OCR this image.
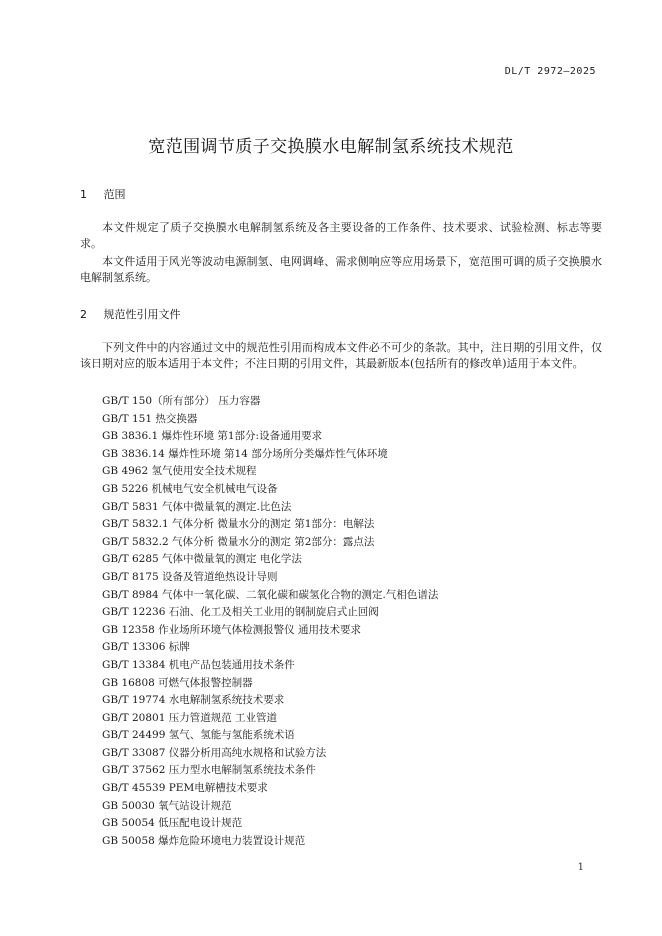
DL/T 2972—2025
宽范围调节质子交换膜水电解制氢系统技术规范
1 范围

本文件规定了质子交换膜水电解制氢系统及各主要设备的工作条件、技术要求、试验检测、标志等要求。

本文件适用于风光等波动电源制氢、电网调峰、需求侧响应等应用场景下，宽范围可调的质子交换膜水电解制氢系统。

2 规范性引用文件

下列文件中的内容通过文中的规范性引用而构成本文件必不可少的条款。其中，注日期的引用文件，仅该日期对应的版本适用于本文件；不注日期的引用文件，其最新版本(包括所有的修改单)适用于本文件。

GB/T 150（所有部分） 压力容器
GB/T 151 热交换器
GB 3836.1 爆炸性环境 第1部分:设备通用要求
GB 3836.14 爆炸性环境 第14 部分场所分类爆炸性气体环境
GB 4962 氢气使用安全技术规程
GB 5226 机械电气安全机械电气设备
GB/T 5831 气体中微量氧的测定.比色法
GB/T 5832.1 气体分析 微量水分的测定 第1部分：电解法
GB/T 5832.2 气体分析 微量水分的测定 第2部分：露点法
GB/T 6285 气体中微量氧的测定 电化学法
GB/T 8175 设备及管道绝热设计导则
GB/T 8984 气体中一氧化碳、二氧化碳和碳氢化合物的测定.气相色谱法
GB/T 12236 石油、化工及相关工业用的钢制旋启式止回阀
GB 12358 作业场所环境气体检测报警仪 通用技术要求
GB/T 13306 标牌
GB/T 13384 机电产品包装通用技术条件
GB 16808 可燃气体报警控制器
GB/T 19774 水电解制氢系统技术要求
GB/T 20801 压力管道规范 工业管道
GB/T 24499 氢气、氢能与氢能系统术语
GB/T 33087 仪器分析用高纯水规格和试验方法
GB/T 37562 压力型水电解制氢系统技术条件
GB/T 45539 PEM电解槽技术要求
GB 50030 氧气站设计规范
GB 50054 低压配电设计规范
GB 50058 爆炸危险环境电力装置设计规范
1
